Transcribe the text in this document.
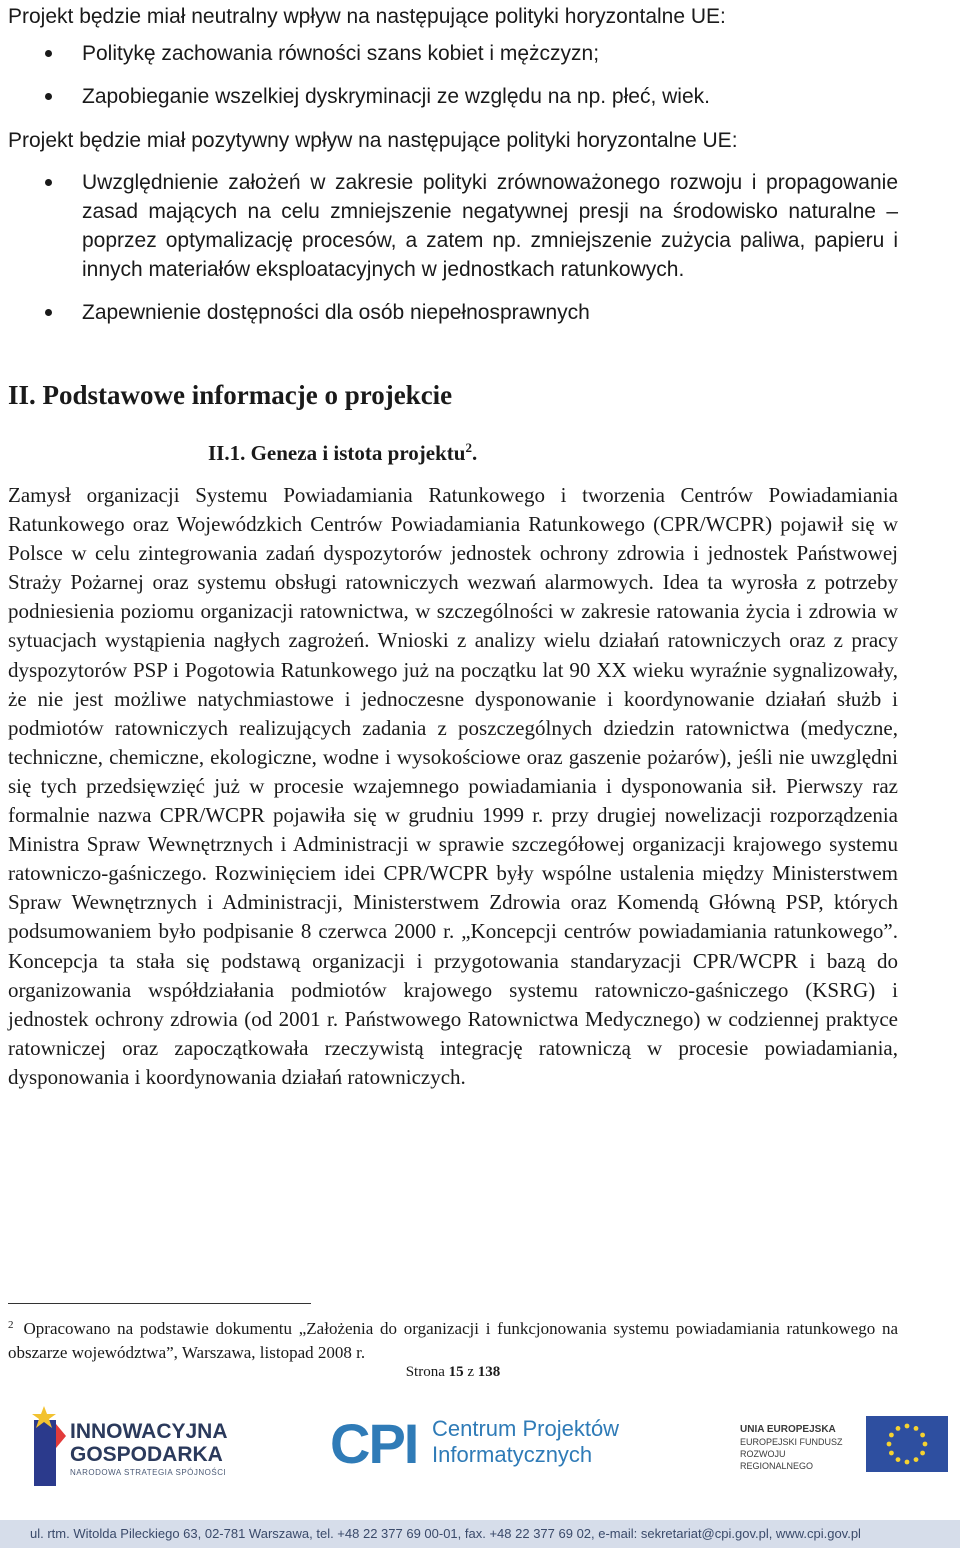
Projekt będzie miał neutralny wpływ na następujące polityki horyzontalne UE:

Politykę zachowania równości szans kobiet i mężczyzn;
Zapobieganie wszelkiej dyskryminacji ze względu na np. płeć, wiek.

Projekt będzie miał pozytywny wpływ na następujące polityki horyzontalne UE:

Uwzględnienie założeń w zakresie polityki zrównoważonego rozwoju i propagowanie zasad mających na celu zmniejszenie negatywnej presji na środowisko naturalne – poprzez optymalizację procesów, a zatem np. zmniejszenie zużycia paliwa, papieru i innych materiałów eksploatacyjnych w jednostkach ratunkowych.
Zapewnienie dostępności dla osób niepełnosprawnych
II. Podstawowe informacje o projekcie
II.1. Geneza i istota projektu$^2$.

Zamysł organizacji Systemu Powiadamiania Ratunkowego i tworzenia Centrów Powiadamiania Ratunkowego oraz Wojewódzkich Centrów Powiadamiania Ratunkowego (CPR/WCPR) pojawił się w Polsce w celu zintegrowania zadań dyspozytorów jednostek ochrony zdrowia i jednostek Państwowej Straży Pożarnej oraz systemu obsługi ratowniczych wezwań alarmowych. Idea ta wyrosła z potrzeby podniesienia poziomu organizacji ratownictwa, w szczególności w zakresie ratowania życia i zdrowia w sytuacjach wystąpienia nagłych zagrożeń. Wnioski z analizy wielu działań ratowniczych oraz z pracy dyspozytorów PSP i Pogotowia Ratunkowego już na początku lat 90 XX wieku wyraźnie sygnalizowały, że nie jest możliwe natychmiastowe i jednoczesne dysponowanie i koordynowanie działań służb i podmiotów ratowniczych realizujących zadania z poszczególnych dziedzin ratownictwa (medyczne, techniczne, chemiczne, ekologiczne, wodne i wysokościowe oraz gaszenie pożarów), jeśli nie uwzględni się tych przedsięwzięć już w procesie wzajemnego powiadamiania i dysponowania sił. Pierwszy raz formalnie nazwa CPR/WCPR pojawiła się w grudniu 1999 r. przy drugiej nowelizacji rozporządzenia Ministra Spraw Wewnętrznych i Administracji w sprawie szczegółowej organizacji krajowego systemu ratowniczo-gaśniczego. Rozwinięciem idei CPR/WCPR były wspólne ustalenia między Ministerstwem Spraw Wewnętrznych i Administracji, Ministerstwem Zdrowia oraz Komendą Główną PSP, których podsumowaniem było podpisanie 8 czerwca 2000 r. „Koncepcji centrów powiadamiania ratunkowego”. Koncepcja ta stała się podstawą organizacji i przygotowania standaryzacji CPR/WCPR i bazą do organizowania współdziałania podmiotów krajowego systemu ratowniczo-gaśniczego (KSRG) i jednostek ochrony zdrowia (od 2001 r. Państwowego Ratownictwa Medycznego) w codziennej praktyce ratowniczej oraz zapoczątkowała rzeczywistą integrację ratowniczą w procesie powiadamiania, dysponowania i koordynowania działań ratowniczych.

$^2$ Opracowano na podstawie dokumentu „Założenia do organizacji i funkcjonowania systemu powiadamiania ratunkowego na obszarze województwa”, Warszawa, listopad 2008 r.

Strona 15 z 138
INNOWACYJNA
GOSPODARKA
NARODOWA STRATEGIA SPÓJNOŚCI CPI Centrum Projektów
Informatycznych
UNIA EUROPEJSKA
EUROPEJSKI FUNDUSZ
ROZWOJU REGIONALNEGO
ul. rtm. Witolda Pileckiego 63, 02-781 Warszawa, tel. +48 22 377 69 00-01, fax. +48 22 377 69 02, e-mail: sekretariat@cpi.gov.pl, www.cpi.gov.pl
